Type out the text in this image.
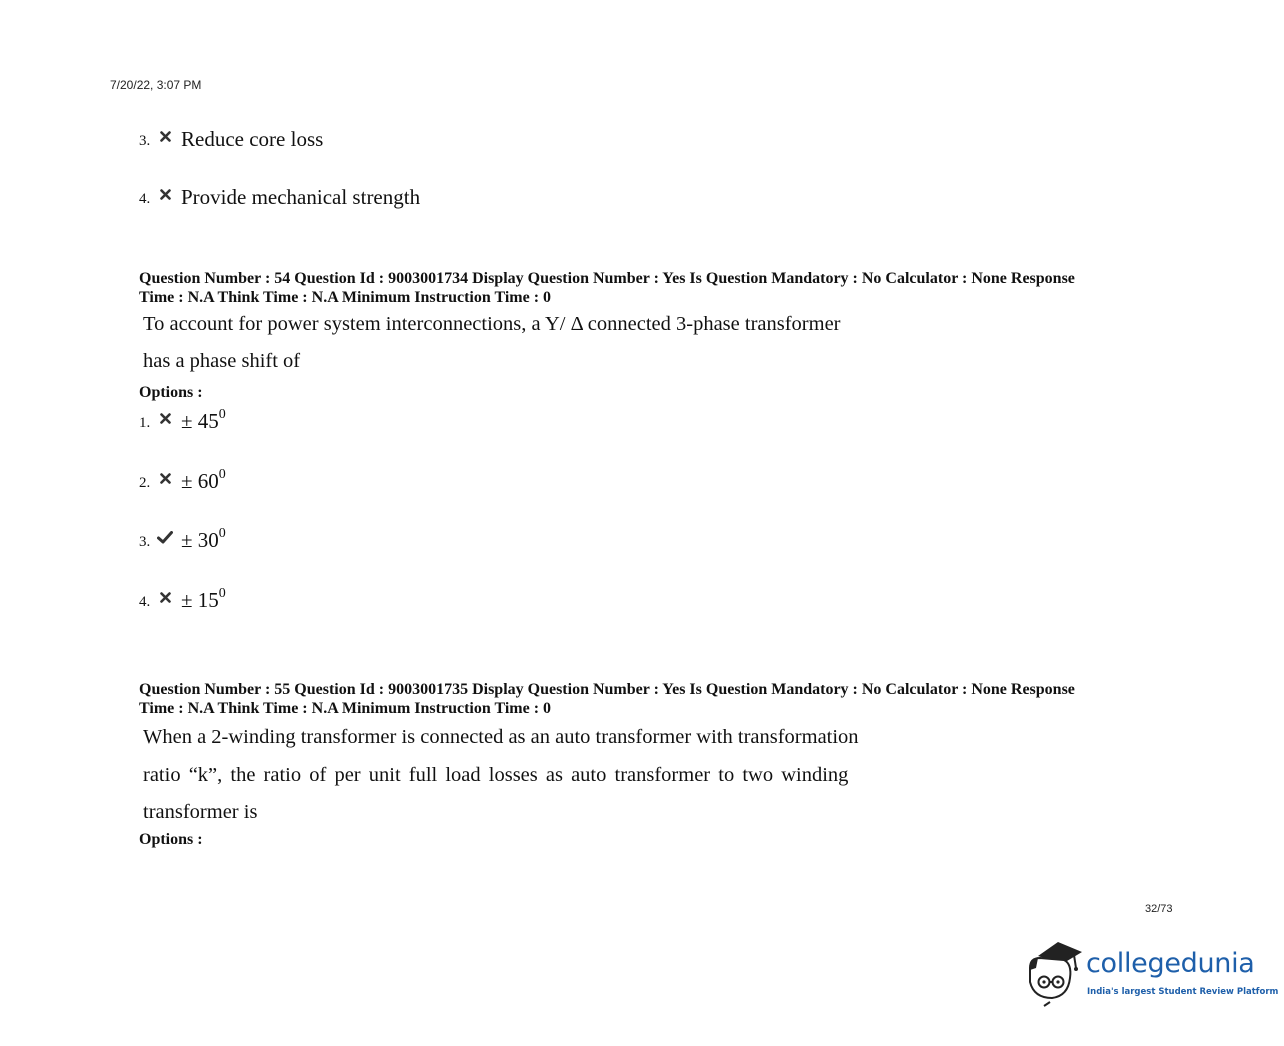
7/20/22, 3:07 PM
3.	Reduce core loss
4.	Provide mechanical strength
Question Number : 54 Question Id : 9003001734 Display Question Number : Yes Is Question Mandatory : No Calculator : None Response
Time : N.A Think Time : N.A Minimum Instruction Time : 0
To account for power system interconnections, a Y/ Δ connected 3-phase transformer
has a phase shift of
Options :
1.	± $45^0$
2.	± $60^0$
3.	± $30^0$
4.	± $15^0$
Question Number : 55 Question Id : 9003001735 Display Question Number : Yes Is Question Mandatory : No Calculator : None Response
Time : N.A Think Time : N.A Minimum Instruction Time : 0
When a 2-winding transformer is connected as an auto transformer with transformation
ratio “k”, the ratio of per unit full load losses as auto transformer to two winding
transformer is
Options :
32/73
collegedunia
India's largest Student Review Platform
